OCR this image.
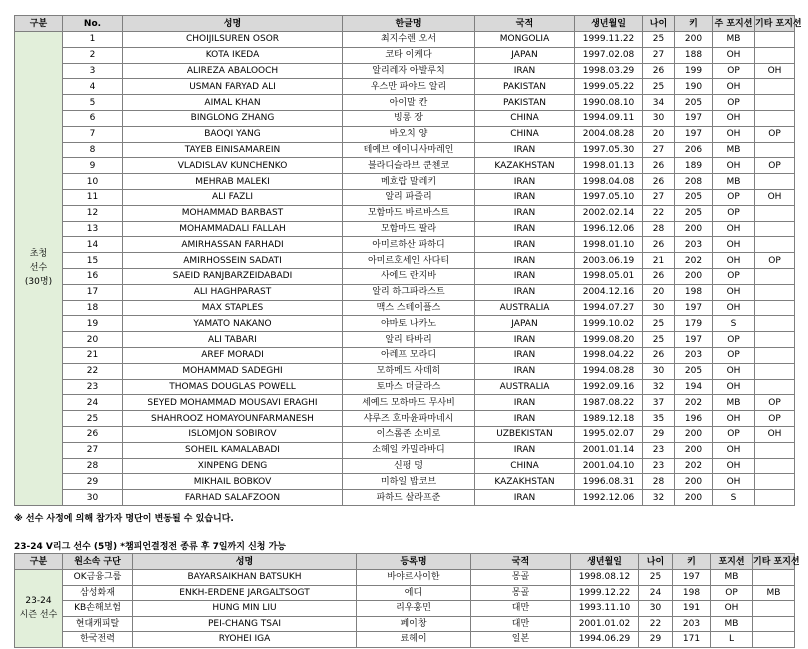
구분	No.	성명	한글명	국적	생년월일	나이	키	주 포지션	기타 포지션

초청
선수
(30명)	1	CHOIJILSUREN OSOR	최지수렌 오서	MONGOLIA	1999.11.22	25	200	MB	
	2	KOTA IKEDA	코타 이케다	JAPAN	1997.02.08	27	188	OH	
	3	ALIREZA ABALOOCH	알리레자 아발루치	IRAN	1998.03.29	26	199	OP	OH
	4	USMAN FARYAD ALI	우스만 파야드 알리	PAKISTAN	1999.05.22	25	190	OH	
	5	AIMAL KHAN	아이말 칸	PAKISTAN	1990.08.10	34	205	OP	
	6	BINGLONG ZHANG	빙롱 장	CHINA	1994.09.11	30	197	OH	
	7	BAOQI YANG	바오치 양	CHINA	2004.08.28	20	197	OH	OP
	8	TAYEB EINISAMAREIN	테예브 에이니사마레인	IRAN	1997.05.30	27	206	MB	
	9	VLADISLAV KUNCHENKO	블라디슬라브 쿤첸코	KAZAKHSTAN	1998.01.13	26	189	OH	OP
	10	MEHRAB MALEKI	메흐랍 말레키	IRAN	1998.04.08	26	208	MB	
	11	ALI FAZLI	알리 파즐리	IRAN	1997.05.10	27	205	OP	OH
	12	MOHAMMAD BARBAST	모함마드 바르바스트	IRAN	2002.02.14	22	205	OP	
	13	MOHAMMADALI FALLAH	모함마드 팔라	IRAN	1996.12.06	28	200	OH	
	14	AMIRHASSAN FARHADI	아미르하산 파하디	IRAN	1998.01.10	26	203	OH	
	15	AMIRHOSSEIN SADATI	아미르호세인 사다티	IRAN	2003.06.19	21	202	OH	OP
	16	SAEID RANJBARZEIDABADI	사에드 란지바	IRAN	1998.05.01	26	200	OP	
	17	ALI HAGHPARAST	알리 하그파라스트	IRAN	2004.12.16	20	198	OH	
	18	MAX STAPLES	맥스 스테이플스	AUSTRALIA	1994.07.27	30	197	OH	
	19	YAMATO NAKANO	야마토 나카노	JAPAN	1999.10.02	25	179	S	
	20	ALI TABARI	알리 타바리	IRAN	1999.08.20	25	197	OP	
	21	AREF MORADI	아레프 모라디	IRAN	1998.04.22	26	203	OP	
	22	MOHAMMAD SADEGHI	모하메드 사데히	IRAN	1994.08.28	30	205	OH	
	23	THOMAS DOUGLAS POWELL	토마스 더글라스	AUSTRALIA	1992.09.16	32	194	OH	
	24	SEYED MOHAMMAD MOUSAVI ERAGHI	세예드 모하마드 무사비	IRAN	1987.08.22	37	202	MB	OP
	25	SHAHROOZ HOMAYOUNFARMANESH	샤루즈 호마윤파마네시	IRAN	1989.12.18	35	196	OH	OP
	26	ISLOMJON SOBIROV	이스롬존 소비로	UZBEKISTAN	1995.02.07	29	200	OP	OH
	27	SOHEIL KAMALABADI	소헤일 카밀라바디	IRAN	2001.01.14	23	200	OH	
	28	XINPENG DENG	신펑 덩	CHINA	2001.04.10	23	202	OH	
	29	MIKHAIL BOBKOV	미하일 밥코브	KAZAKHSTAN	1996.08.31	28	200	OH	
	30	FARHAD SALAFZOON	파하드 살라프준	IRAN	1992.12.06	32	200	S	
※ 선수 사정에 의해 참가자 명단이 변동될 수 있습니다.
23-24 V리그 선수 (5명) *챔피언결정전 종류 후 7일까지 신청 가능
구분	원소속 구단	성명	등록명	국적	생년월일	나이	키	포지션	기타 포지션

23-24
시즌 선수	OK금융그룹	BAYARSAIKHAN BATSUKH	바야르사이한	몽골	1998.08.12	25	197	MB	
	삼성화재	ENKH-ERDENE JARGALTSOGT	에디	몽골	1999.12.22	24	198	OP	MB
	KB손해보험	HUNG MIN LIU	리우훙민	대만	1993.11.10	30	191	OH	
	현대캐피탈	PEI-CHANG TSAI	페이창	대만	2001.01.02	22	203	MB	
	한국전력	RYOHEI IGA	료헤이	일본	1994.06.29	29	171	L	
